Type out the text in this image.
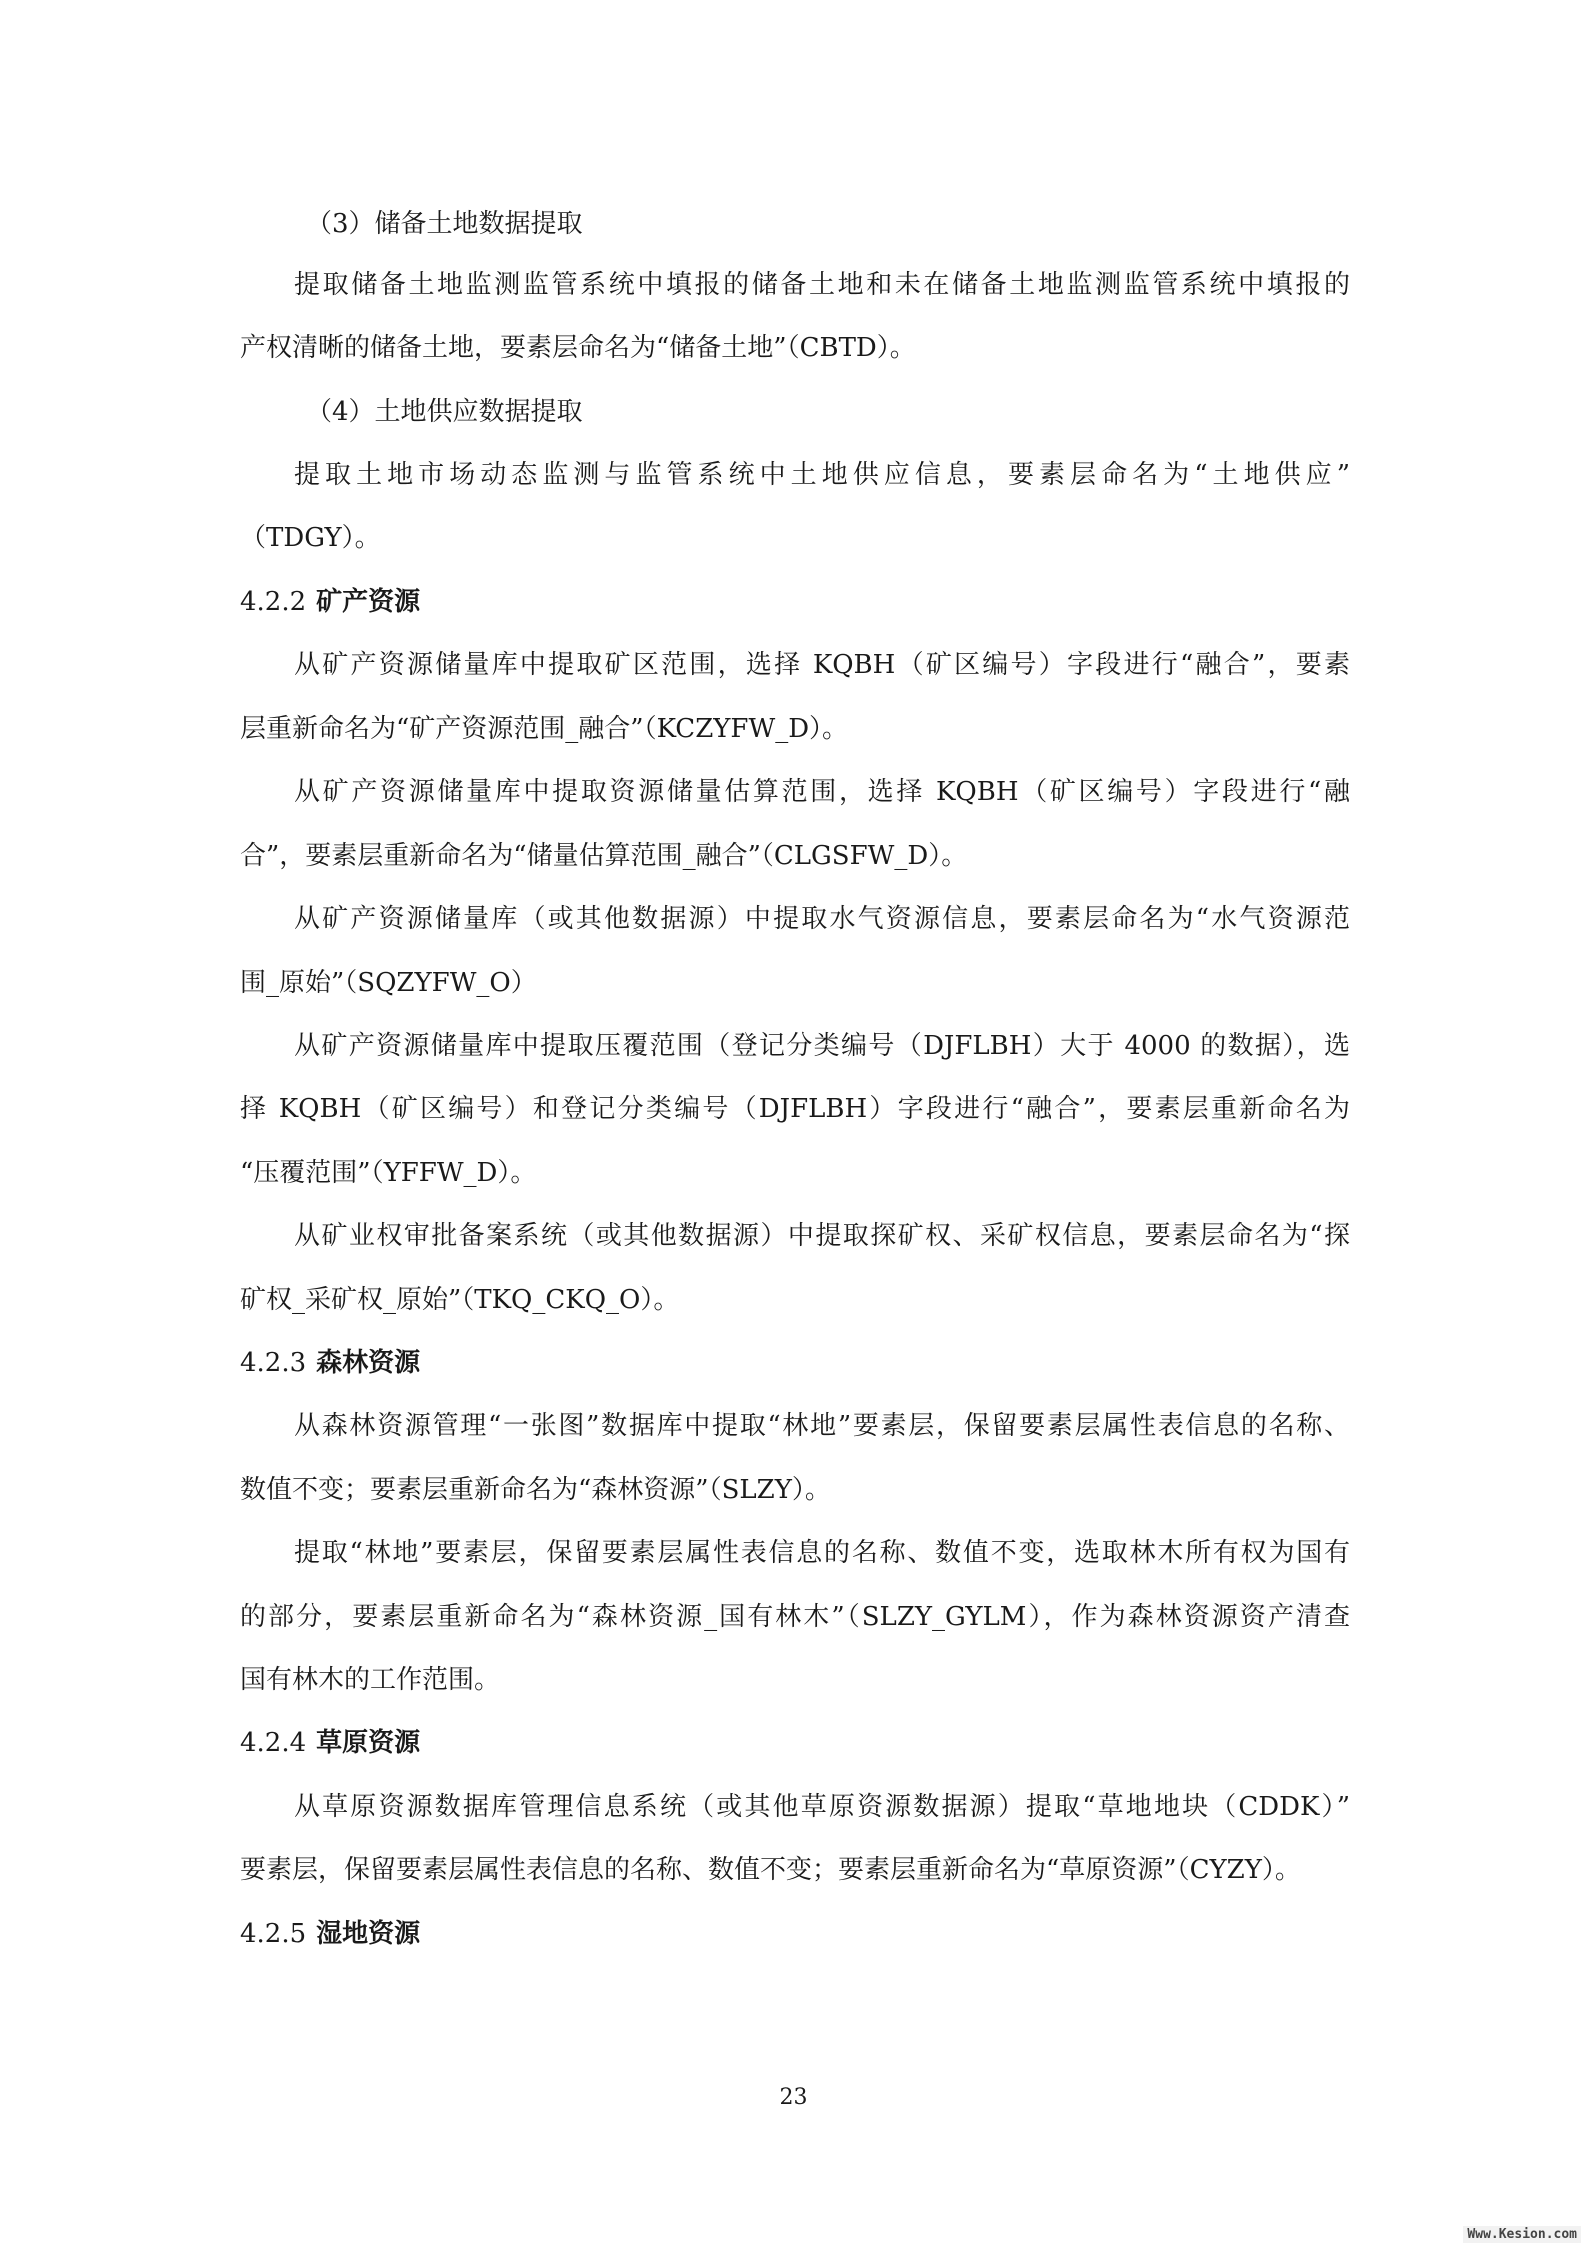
（3）储备土地数据提取
提取储备土地监测监管系统中填报的储备土地和未在储备土地监测监管系统中填报的
产权清晰的储备土地，要素层命名为“储备土地”（CBTD）。
（4）土地供应数据提取
提取土地市场动态监测与监管系统中土地供应信息，要素层命名为“土地供应”
（TDGY）。
4.2.2 矿产资源
从矿产资源储量库中提取矿区范围，选择 KQBH（矿区编号）字段进行“融合”，要素
层重新命名为“矿产资源范围_融合”（KCZYFW_D）。
从矿产资源储量库中提取资源储量估算范围，选择 KQBH（矿区编号）字段进行“融
合”，要素层重新命名为“储量估算范围_融合”（CLGSFW_D）。
从矿产资源储量库（或其他数据源）中提取水气资源信息，要素层命名为“水气资源范
围_原始”（SQZYFW_O）
从矿产资源储量库中提取压覆范围（登记分类编号（DJFLBH）大于 4000 的数据），选
择 KQBH（矿区编号）和登记分类编号（DJFLBH）字段进行“融合”，要素层重新命名为
“压覆范围”（YFFW_D）。
从矿业权审批备案系统（或其他数据源）中提取探矿权、采矿权信息，要素层命名为“探
矿权_采矿权_原始”（TKQ_CKQ_O）。
4.2.3 森林资源
从森林资源管理“一张图”数据库中提取“林地”要素层，保留要素层属性表信息的名称、
数值不变；要素层重新命名为“森林资源”（SLZY）。
提取“林地”要素层，保留要素层属性表信息的名称、数值不变，选取林木所有权为国有
的部分，要素层重新命名为“森林资源_国有林木”（SLZY_GYLM），作为森林资源资产清查
国有林木的工作范围。
4.2.4 草原资源
从草原资源数据库管理信息系统（或其他草原资源数据源）提取“草地地块（CDDK）”
要素层，保留要素层属性表信息的名称、数值不变；要素层重新命名为“草原资源”（CYZY）。
4.2.5 湿地资源
23
Www.Kesion.com
